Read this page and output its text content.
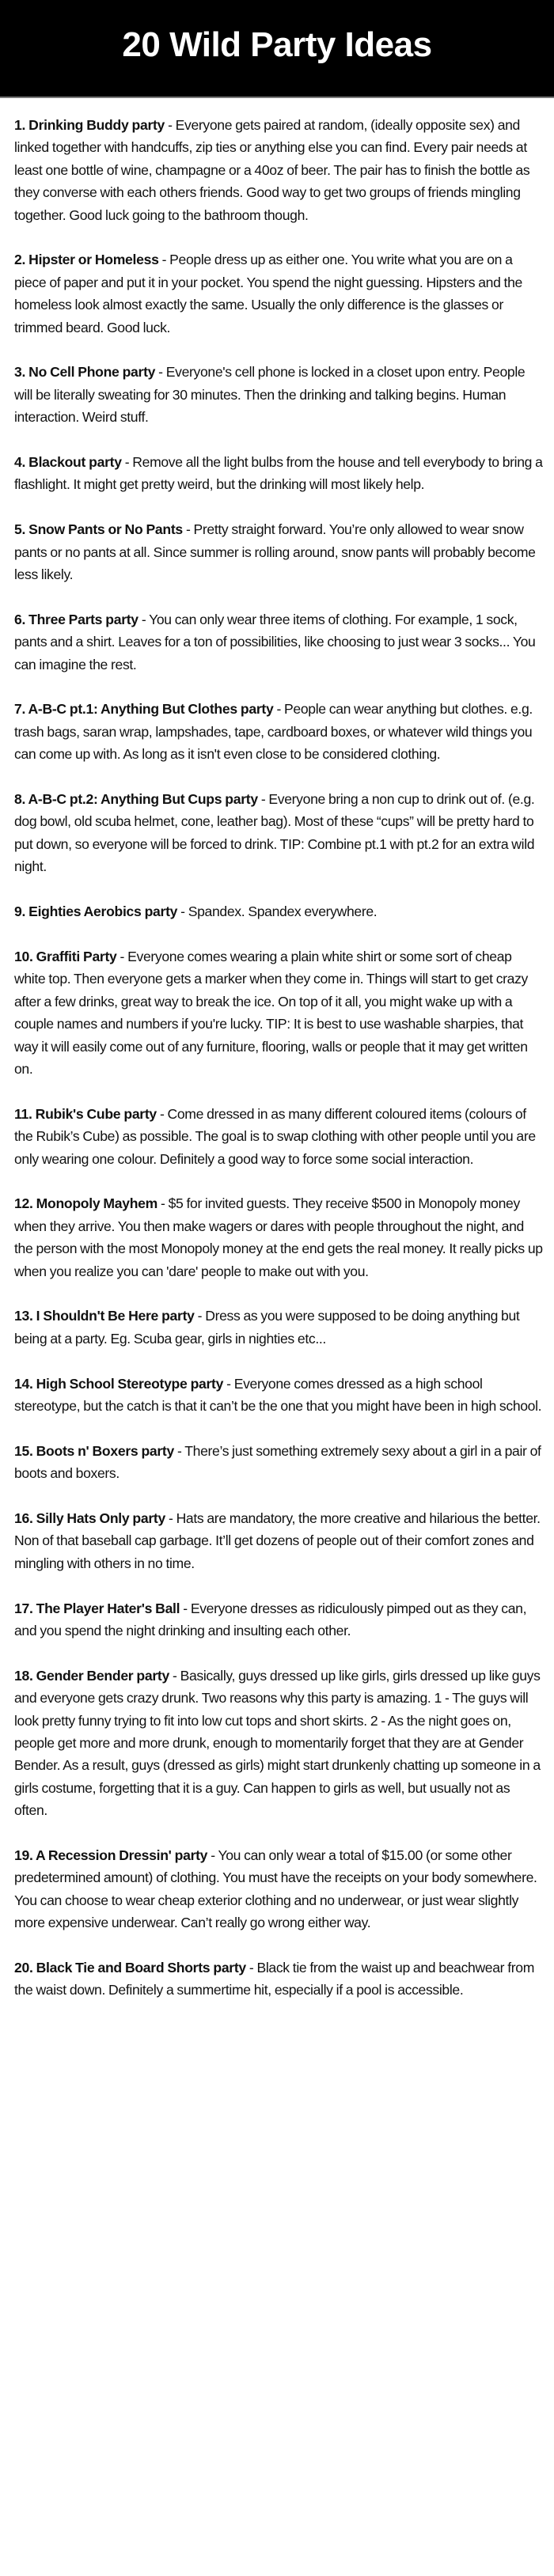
20 Wild Party Ideas

1. Drinking Buddy party - Everyone gets paired at random, (ideally opposite sex) and linked together with handcuffs, zip ties or anything else you can find. Every pair needs at least one bottle of wine, champagne or a 40oz of beer. The pair has to finish the bottle as they converse with each others friends. Good way to get two groups of friends mingling together. Good luck going to the bathroom though.

2. Hipster or Homeless - People dress up as either one. You write what you are on a piece of paper and put it in your pocket. You spend the night guessing. Hipsters and the homeless look almost exactly the same. Usually the only difference is the glasses or trimmed beard. Good luck.

3. No Cell Phone party - Everyone's cell phone is locked in a closet upon entry. People will be literally sweating for 30 minutes. Then the drinking and talking begins. Human interaction. Weird stuff.

4. Blackout party - Remove all the light bulbs from the house and tell everybody to bring a flashlight. It might get pretty weird, but the drinking will most likely help.

5. Snow Pants or No Pants - Pretty straight forward. You’re only allowed to wear snow pants or no pants at all. Since summer is rolling around, snow pants will probably become less likely.

6. Three Parts party - You can only wear three items of clothing. For example, 1 sock, pants and a shirt. Leaves for a ton of possibilities, like choosing to just wear 3 socks... You can imagine the rest.

7. A-B-C pt.1: Anything But Clothes party - People can wear anything but clothes. e.g. trash bags, saran wrap, lampshades, tape, cardboard boxes, or whatever wild things you can come up with. As long as it isn't even close to be considered clothing.

8. A-B-C pt.2: Anything But Cups party - Everyone bring a non cup to drink out of. (e.g. dog bowl, old scuba helmet, cone, leather bag). Most of these “cups” will be pretty hard to put down, so everyone will be forced to drink. TIP: Combine pt.1 with pt.2 for an extra wild night.

9. Eighties Aerobics party - Spandex. Spandex everywhere.

10. Graffiti Party - Everyone comes wearing a plain white shirt or some sort of cheap white top. Then everyone gets a marker when they come in. Things will start to get crazy after a few drinks, great way to break the ice. On top of it all, you might wake up with a couple names and numbers if you're lucky. TIP: It is best to use washable sharpies, that way it will easily come out of any furniture, flooring, walls or people that it may get written on.

11. Rubik's Cube party - Come dressed in as many different coloured items (colours of the Rubik’s Cube) as possible. The goal is to swap clothing with other people until you are only wearing one colour. Definitely a good way to force some social interaction.

12. Monopoly Mayhem - $5 for invited guests. They receive $500 in Monopoly money when they arrive. You then make wagers or dares with people throughout the night, and the person with the most Monopoly money at the end gets the real money. It really picks up when you realize you can 'dare' people to make out with you.

13. I Shouldn't Be Here party - Dress as you were supposed to be doing anything but being at a party. Eg. Scuba gear, girls in nighties etc...

14. High School Stereotype party - Everyone comes dressed as a high school stereotype, but the catch is that it can’t be the one that you might have been in high school.

15. Boots n' Boxers party - There’s just something extremely sexy about a girl in a pair of boots and boxers.

16. Silly Hats Only party - Hats are mandatory, the more creative and hilarious the better. Non of that baseball cap garbage. It’ll get dozens of people out of their comfort zones and mingling with others in no time.

17. The Player Hater's Ball - Everyone dresses as ridiculously pimped out as they can, and you spend the night drinking and insulting each other.

18. Gender Bender party - Basically, guys dressed up like girls, girls dressed up like guys and everyone gets crazy drunk. Two reasons why this party is amazing. 1 - The guys will look pretty funny trying to fit into low cut tops and short skirts. 2 - As the night goes on, people get more and more drunk, enough to momentarily forget that they are at Gender Bender. As a result, guys (dressed as girls) might start drunkenly chatting up someone in a girls costume, forgetting that it is a guy. Can happen to girls as well, but usually not as often.

19. A Recession Dressin' party - You can only wear a total of $15.00 (or some other predetermined amount) of clothing. You must have the receipts on your body somewhere. You can choose to wear cheap exterior clothing and no underwear, or just wear slightly more expensive underwear. Can’t really go wrong either way.

20. Black Tie and Board Shorts party - Black tie from the waist up and beachwear from the waist down. Definitely a summertime hit, especially if a pool is accessible.
